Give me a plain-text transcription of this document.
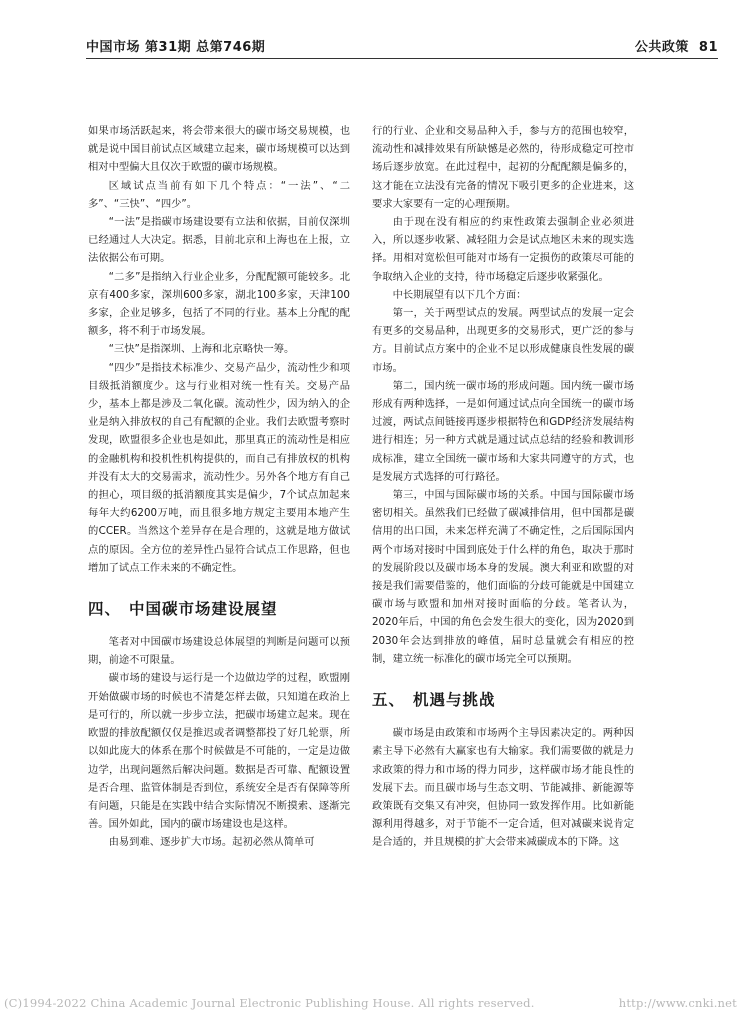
中国市场 第31期 总第746期	公共政策 81

如果市场活跃起来，将会带来很大的碳市场交易规模，也就是说中国目前试点区域建立起来，碳市场规模可以达到相对中型偏大且仅次于欧盟的碳市场规模。

区域试点当前有如下几个特点：“一法”、“二多”、“三快”、“四少”。

“一法”是指碳市场建设要有立法和依据，目前仅深圳已经通过人大决定。据悉，目前北京和上海也在上报，立法依据公布可期。

“二多”是指纳入行业企业多，分配配额可能较多。北京有400多家，深圳600多家，湖北100多家，天津100多家，企业足够多，包括了不同的行业。基本上分配的配额多，将不利于市场发展。

“三快”是指深圳、上海和北京略快一筹。

“四少”是指技术标准少、交易产品少，流动性少和项目级抵消额度少。这与行业相对统一性有关。交易产品少，基本上都是涉及二氧化碳。流动性少，因为纳入的企业是纳入排放权的自己有配额的企业。我们去欧盟考察时发现，欧盟很多企业也是如此，那里真正的流动性是相应的金融机构和投机性机构提供的，而自己有排放权的机构并没有太大的交易需求，流动性少。另外各个地方有自己的担心，项目级的抵消额度其实是偏少，7个试点加起来每年大约6200万吨，而且很多地方规定主要用本地产生的CCER。当然这个差异存在是合理的，这就是地方做试点的原因。全方位的差异性凸显符合试点工作思路，但也增加了试点工作未来的不确定性。

四、 中国碳市场建设展望

笔者对中国碳市场建设总体展望的判断是问题可以预期，前途不可限量。

碳市场的建设与运行是一个边做边学的过程，欧盟刚开始做碳市场的时候也不清楚怎样去做，只知道在政治上是可行的，所以就一步步立法，把碳市场建立起来。现在欧盟的排放配额仅仅是推迟或者调整都投了好几轮票，所以如此庞大的体系在那个时候做是不可能的，一定是边做边学，出现问题然后解决问题。数据是否可靠、配额设置是否合理、监管体制是否到位，系统安全是否有保障等所有问题，只能是在实践中结合实际情况不断摸索、逐渐完善。国外如此，国内的碳市场建设也是这样。

由易到难、逐步扩大市场。起初必然从简单可

行的行业、企业和交易品种入手，参与方的范围也较窄，流动性和减排效果有所缺憾是必然的，待形成稳定可控市场后逐步放宽。在此过程中，起初的分配配额是偏多的，这才能在立法没有完备的情况下吸引更多的企业进来，这要求大家要有一定的心理预期。

由于现在没有相应的约束性政策去强制企业必须进入，所以逐步收紧、减轻阻力会是试点地区未来的现实选择。用相对宽松但可能对市场有一定损伤的政策尽可能的争取纳入企业的支持，待市场稳定后逐步收紧强化。

中长期展望有以下几个方面：

第一，关于两型试点的发展。两型试点的发展一定会有更多的交易品种，出现更多的交易形式，更广泛的参与方。目前试点方案中的企业不足以形成健康良性发展的碳市场。

第二，国内统一碳市场的形成问题。国内统一碳市场形成有两种选择，一是如何通过试点向全国统一的碳市场过渡，两试点间链接再逐步根据特色和GDP经济发展结构进行相连；另一种方式就是通过试点总结的经验和教训形成标准，建立全国统一碳市场和大家共同遵守的方式，也是发展方式选择的可行路径。

第三，中国与国际碳市场的关系。中国与国际碳市场密切相关。虽然我们已经做了碳减排信用，但中国都是碳信用的出口国，未来怎样充满了不确定性，之后国际国内两个市场对接时中国到底处于什么样的角色，取决于那时的发展阶段以及碳市场本身的发展。澳大利亚和欧盟的对接是我们需要借鉴的，他们面临的分歧可能就是中国建立碳市场与欧盟和加州对接时面临的分歧。笔者认为，2020年后，中国的角色会发生很大的变化，因为2020到2030年会达到排放的峰值，届时总量就会有相应的控制，建立统一标准化的碳市场完全可以预期。

五、 机遇与挑战

碳市场是由政策和市场两个主导因素决定的。两种因素主导下必然有大赢家也有大输家。我们需要做的就是力求政策的得力和市场的得力同步，这样碳市场才能良性的发展下去。而且碳市场与生态文明、节能减排、新能源等政策既有交集又有冲突，但协同一致发挥作用。比如新能源利用得越多，对于节能不一定合适，但对减碳来说肯定是合适的，并且规模的扩大会带来减碳成本的下降。这

(C)1994-2022 China Academic Journal Electronic Publishing House. All rights reserved.	http://www.cnki.net
